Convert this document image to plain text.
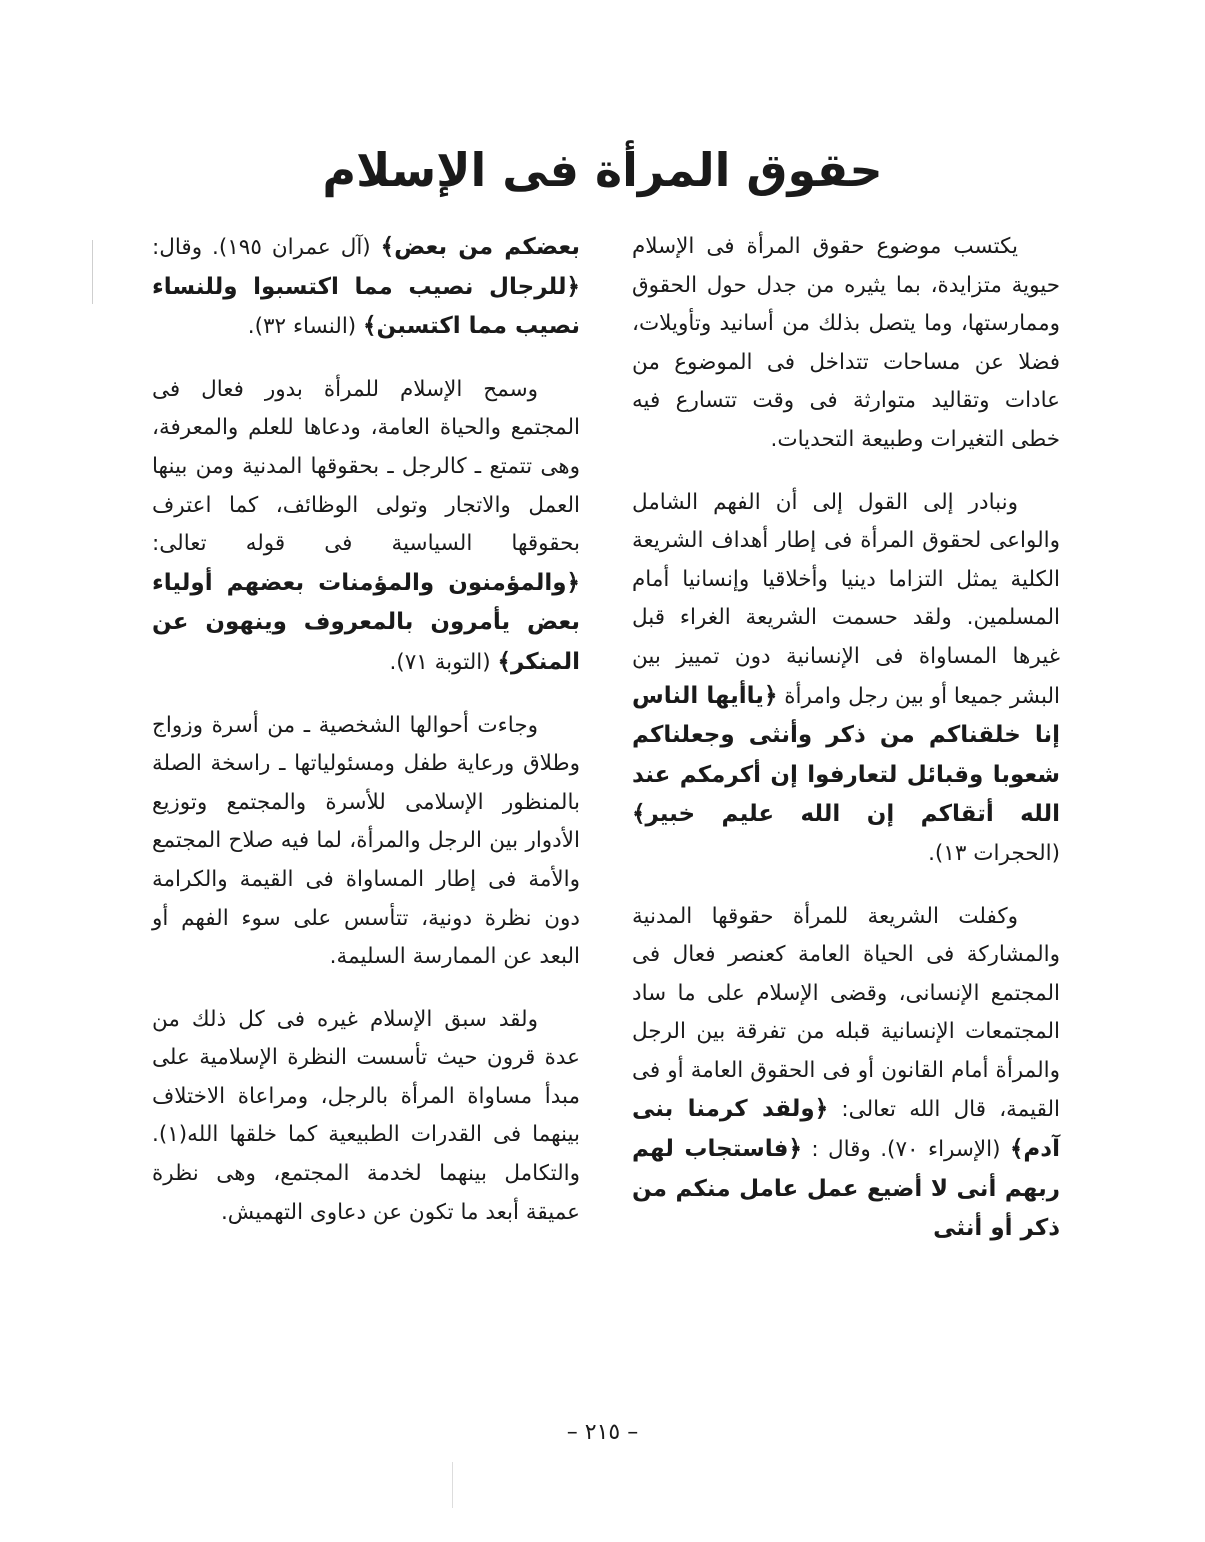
حقوق المرأة فى الإسلام

يكتسب موضوع حقوق المرأة فى الإسلام حيوية متزايدة، بما يثيره من جدل حول الحقوق وممارستها، وما يتصل بذلك من أسانيد وتأويلات، فضلا عن مساحات تتداخل فى الموضوع من عادات وتقاليد متوارثة فى وقت تتسارع فيه خطى التغيرات وطبيعة التحديات.

ونبادر إلى القول إلى أن الفهم الشامل والواعى لحقوق المرأة فى إطار أهداف الشريعة الكلية يمثل التزاما دينيا وأخلاقيا وإنسانيا أمام المسلمين. ولقد حسمت الشريعة الغراء قبل غيرها المساواة فى الإنسانية دون تمييز بين البشر جميعا أو بين رجل وامرأة ﴿ياأيها الناس إنا خلقناكم من ذكر وأنثى وجعلناكم شعوبا وقبائل لتعارفوا إن أكرمكم عند الله أتقاكم إن الله عليم خبير﴾ (الحجرات ١٣).

وكفلت الشريعة للمرأة حقوقها المدنية والمشاركة فى الحياة العامة كعنصر فعال فى المجتمع الإنسانى، وقضى الإسلام على ما ساد المجتمعات الإنسانية قبله من تفرقة بين الرجل والمرأة أمام القانون أو فى الحقوق العامة أو فى القيمة، قال الله تعالى: ﴿ولقد كرمنا بنى آدم﴾ (الإسراء ٧٠). وقال : ﴿فاستجاب لهم ربهم أنى لا أضيع عمل عامل منكم من ذكر أو أنثى

بعضكم من بعض﴾ (آل عمران ١٩٥). وقال: ﴿للرجال نصيب مما اكتسبوا وللنساء نصيب مما اكتسبن﴾ (النساء ٣٢).

وسمح الإسلام للمرأة بدور فعال فى المجتمع والحياة العامة، ودعاها للعلم والمعرفة، وهى تتمتع ـ كالرجل ـ بحقوقها المدنية ومن بينها العمل والاتجار وتولى الوظائف، كما اعترف بحقوقها السياسية فى قوله تعالى: ﴿والمؤمنون والمؤمنات بعضهم أولياء بعض يأمرون بالمعروف وينهون عن المنكر﴾ (التوبة ٧١).

وجاءت أحوالها الشخصية ـ من أسرة وزواج وطلاق ورعاية طفل ومسئولياتها ـ راسخة الصلة بالمنظور الإسلامى للأسرة والمجتمع وتوزيع الأدوار بين الرجل والمرأة، لما فيه صلاح المجتمع والأمة فى إطار المساواة فى القيمة والكرامة دون نظرة دونية، تتأسس على سوء الفهم أو البعد عن الممارسة السليمة.

ولقد سبق الإسلام غيره فى كل ذلك من عدة قرون حيث تأسست النظرة الإسلامية على مبدأ مساواة المرأة بالرجل، ومراعاة الاختلاف بينهما فى القدرات الطبيعية كما خلقها الله(١). والتكامل بينهما لخدمة المجتمع، وهى نظرة عميقة أبعد ما تكون عن دعاوى التهميش.

– ٢١٥ –
